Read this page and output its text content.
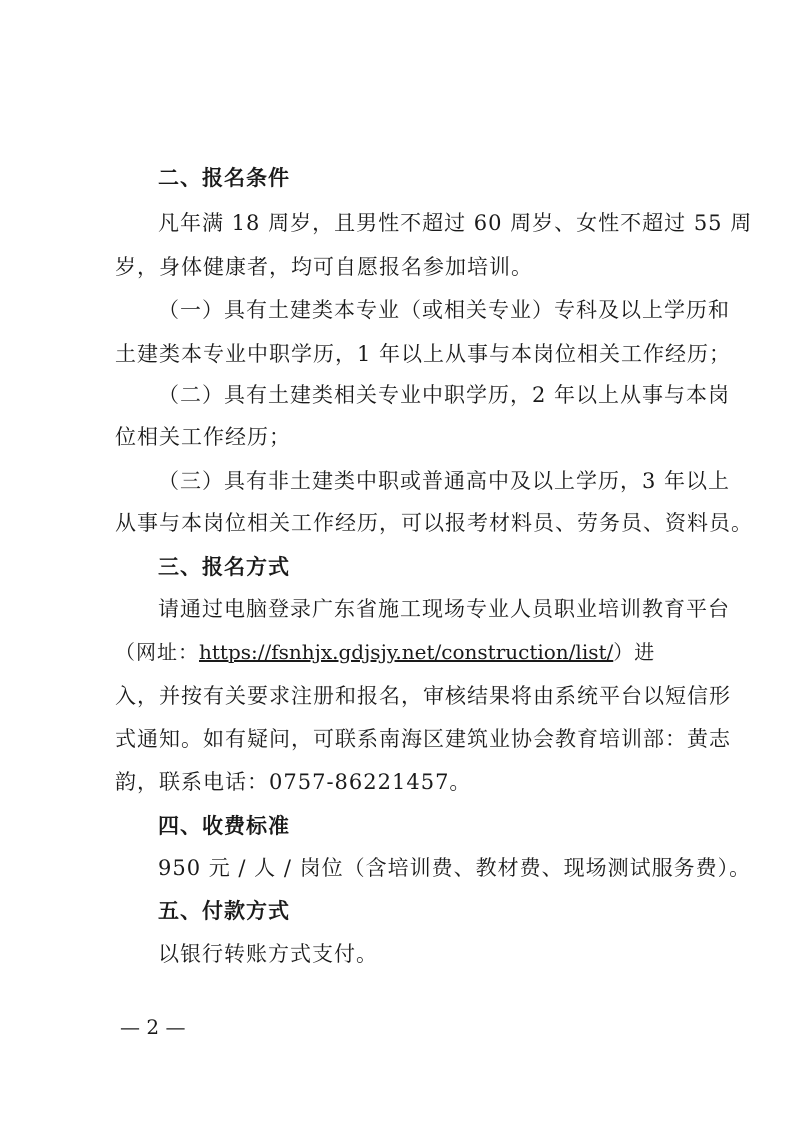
二、报名条件
凡年满 18 周岁，且男性不超过 60 周岁、女性不超过 55 周
岁，身体健康者，均可自愿报名参加培训。
（一）具有土建类本专业（或相关专业）专科及以上学历和
土建类本专业中职学历，1 年以上从事与本岗位相关工作经历；
（二）具有土建类相关专业中职学历，2 年以上从事与本岗
位相关工作经历；
（三）具有非土建类中职或普通高中及以上学历，3 年以上
从事与本岗位相关工作经历，可以报考材料员、劳务员、资料员。
三、报名方式
请通过电脑登录广东省施工现场专业人员职业培训教育平台
（网址：https://fsnhjx.gdjsjy.net/construction/list/）进
入，并按有关要求注册和报名，审核结果将由系统平台以短信形
式通知。如有疑问，可联系南海区建筑业协会教育培训部：黄志
韵，联系电话：0757-86221457。
四、收费标准
950 元 / 人 / 岗位（含培训费、教材费、现场测试服务费）。
五、付款方式
以银行转账方式支付。
— 2 —
